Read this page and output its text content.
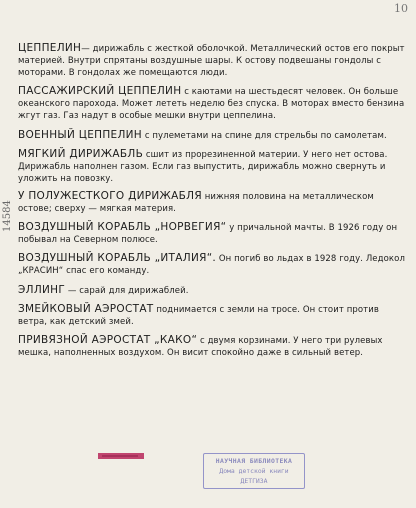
10
14584

ЦЕППЕЛИН— дирижабль с жесткой оболочкой. Металлический остов его покрыт материей. Внутри спрятаны воздушные шары. К остову подвешаны гондолы с моторами. В гондолах же помещаются люди.

ПАССАЖИРСКИЙ ЦЕППЕЛИН с каютами на шестьдесят человек. Он больше океанского парохода. Может лететь неделю без спуска. В моторах вместо бензина жгут газ. Газ надут в особые мешки внутри цеппелина.

ВОЕННЫЙ ЦЕППЕЛИН с пулеметами на спине для стрельбы по самолетам.

МЯГКИЙ ДИРИЖАБЛЬ сшит из прорезиненной материи. У него нет остова. Дирижабль наполнен газом. Если газ выпустить, дирижабль можно свернуть и уложить на повозку.

У ПОЛУЖЕСТКОГО ДИРИЖАБЛЯ нижняя половина на металлическом остове; сверху — мягкая материя.

ВОЗДУШНЫЙ КОРАБЛЬ „НОРВЕГИЯ“ у причальной мачты. В 1926 году он побывал на Северном полюсе.

ВОЗДУШНЫЙ КОРАБЛЬ „ИТАЛИЯ“. Он погиб во льдах в 1928 году. Ледокол „КРАСИН“ спас его команду.

ЭЛЛИНГ — сарай для дирижаблей.

ЗМЕЙКОВЫЙ АЭРОСТАТ поднимается с земли на тросе. Он стоит против ветра, как детский змей.

ПРИВЯЗНОЙ АЭРОСТАТ „КАКО“ с двумя корзинами. У него три рулевых мешка, наполненных воздухом. Он висит спокойно даже в сильный ветер.

НАУЧНАЯ БИБЛИОТЕКА
Дома детской книги
ДЕТГИЗА
